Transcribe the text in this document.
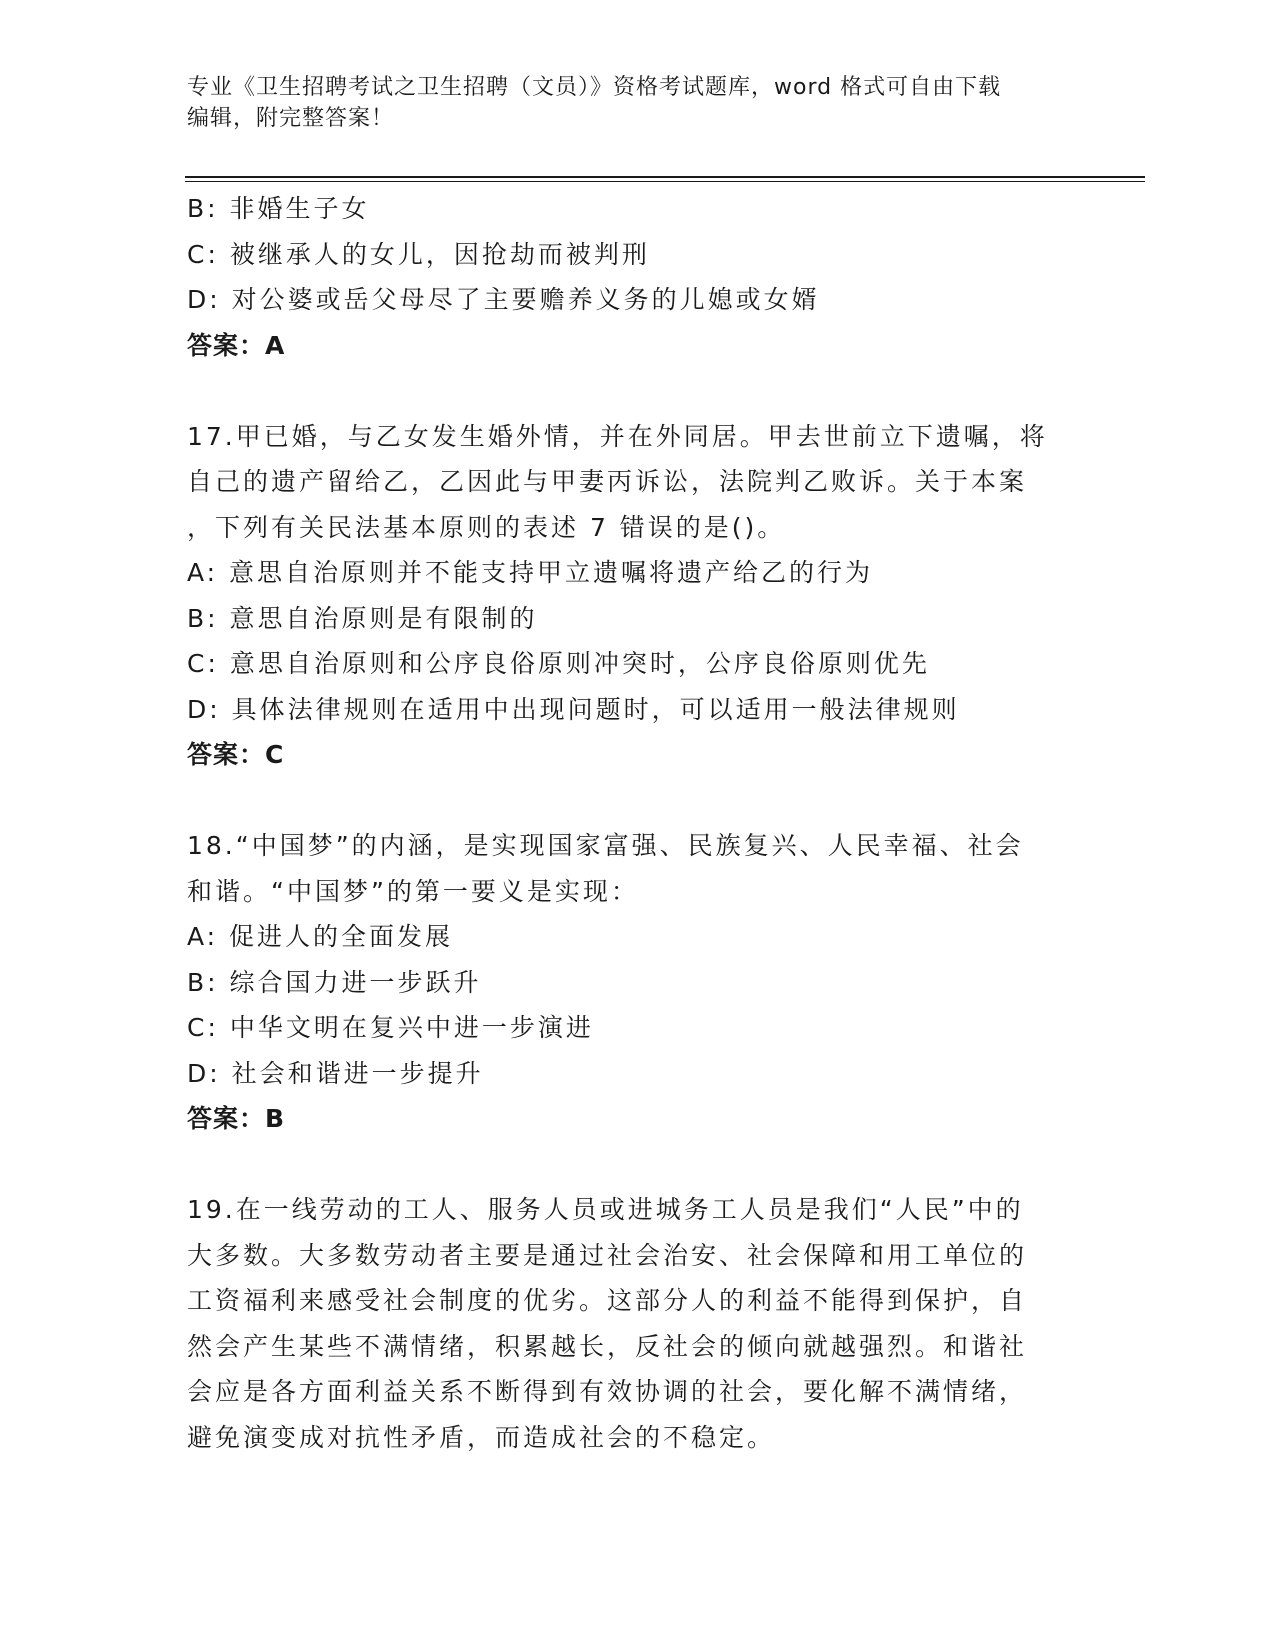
专业《卫生招聘考试之卫生招聘（文员）》资格考试题库，word 格式可自由下载
编辑，附完整答案！
B: 非婚生子女
C: 被继承人的女儿，因抢劫而被判刑
D: 对公婆或岳父母尽了主要赡养义务的儿媳或女婿
答案：A
17.甲已婚，与乙女发生婚外情，并在外同居。甲去世前立下遗嘱，将
自己的遗产留给乙，乙因此与甲妻丙诉讼，法院判乙败诉。关于本案
，下列有关民法基本原则的表述 7 错误的是()。
A: 意思自治原则并不能支持甲立遗嘱将遗产给乙的行为
B: 意思自治原则是有限制的
C: 意思自治原则和公序良俗原则冲突时，公序良俗原则优先
D: 具体法律规则在适用中出现问题时，可以适用一般法律规则
答案：C
18.“中国梦”的内涵，是实现国家富强、民族复兴、人民幸福、社会
和谐。“中国梦”的第一要义是实现：
A: 促进人的全面发展
B: 综合国力进一步跃升
C: 中华文明在复兴中进一步演进
D: 社会和谐进一步提升
答案：B
19.在一线劳动的工人、服务人员或进城务工人员是我们“人民”中的
大多数。大多数劳动者主要是通过社会治安、社会保障和用工单位的
工资福利来感受社会制度的优劣。这部分人的利益不能得到保护，自
然会产生某些不满情绪，积累越长，反社会的倾向就越强烈。和谐社
会应是各方面利益关系不断得到有效协调的社会，要化解不满情绪，
避免演变成对抗性矛盾，而造成社会的不稳定。
